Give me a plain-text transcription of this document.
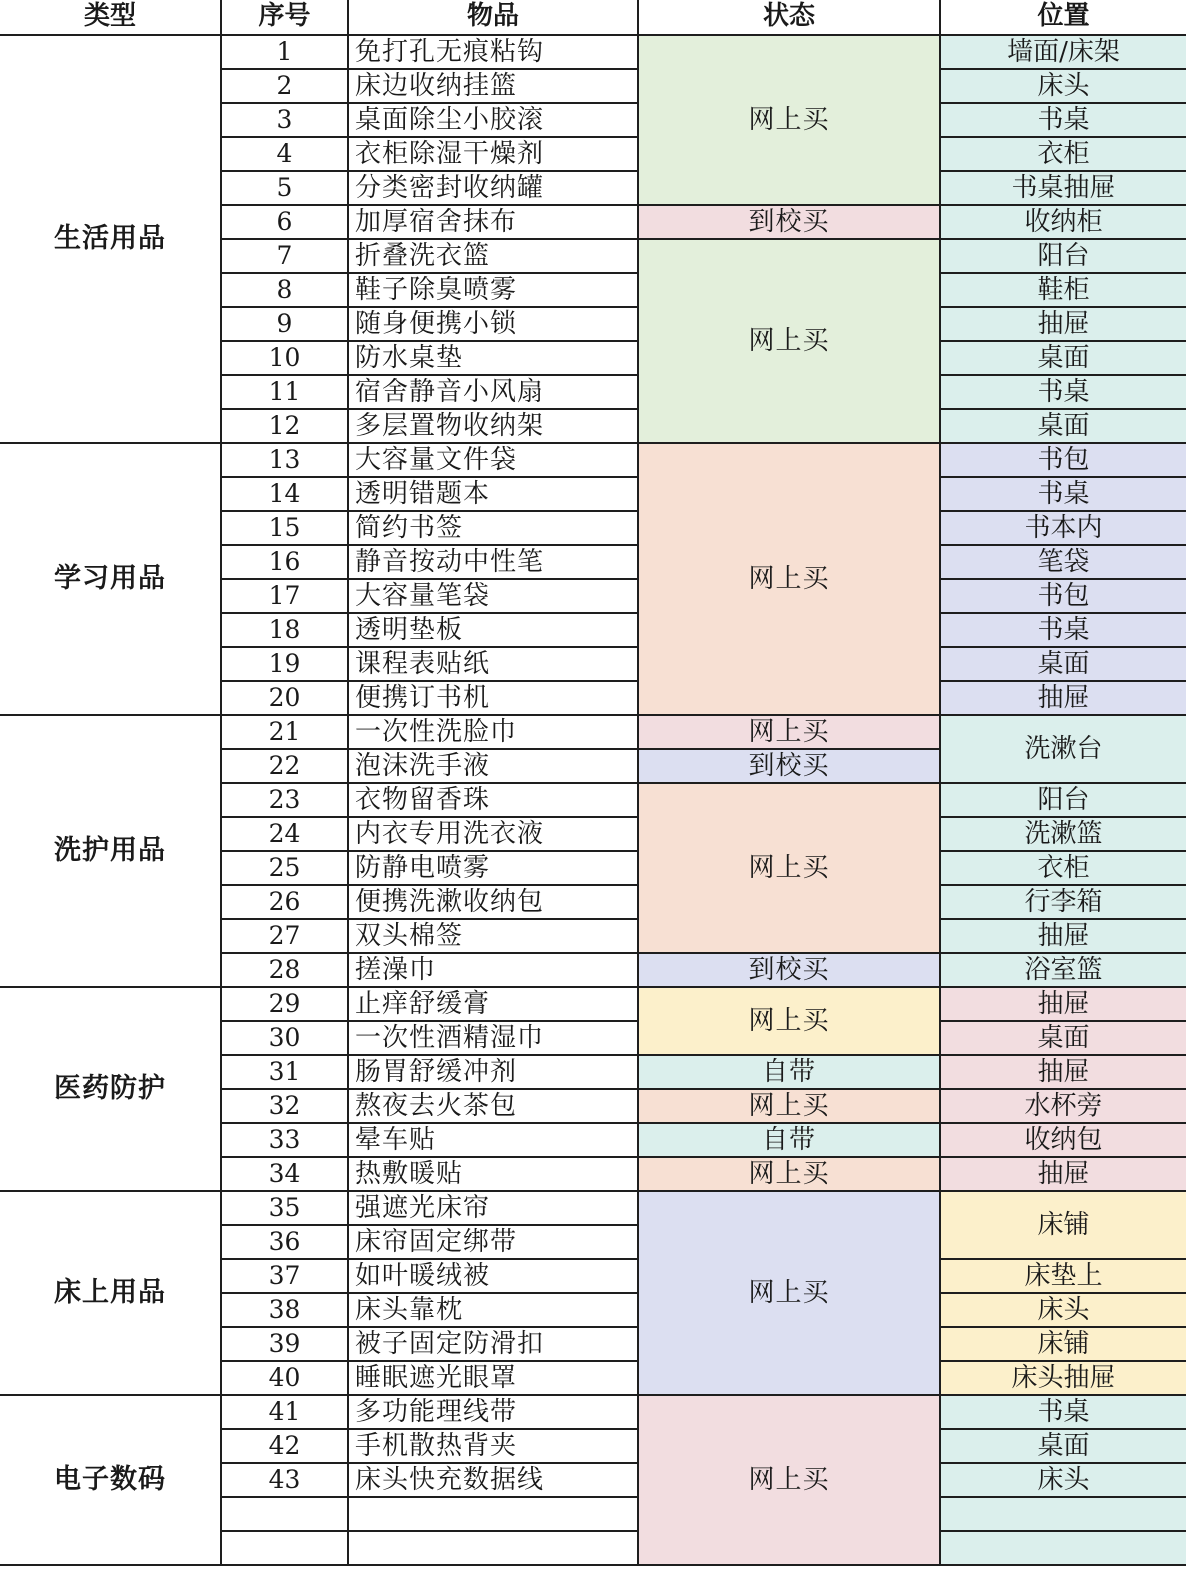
类型	序号	物品	状态	位置
生活用品	1	免打孔无痕粘钩	网上买	墙面/床架
	2	床边收纳挂篮		床头
	3	桌面除尘小胶滚		书桌
	4	衣柜除湿干燥剂		衣柜
	5	分类密封收纳罐		书桌抽屉
	6	加厚宿舍抹布	到校买	收纳柜
	7	折叠洗衣篮	网上买	阳台
	8	鞋子除臭喷雾		鞋柜
	9	随身便携小锁		抽屉
	10	防水桌垫		桌面
	11	宿舍静音小风扇		书桌
	12	多层置物收纳架		桌面
学习用品	13	大容量文件袋	网上买	书包
	14	透明错题本		书桌
	15	简约书签		书本内
	16	静音按动中性笔		笔袋
	17	大容量笔袋		书包
	18	透明垫板		书桌
	19	课程表贴纸		桌面
	20	便携订书机		抽屉
洗护用品	21	一次性洗脸巾	网上买	洗漱台
	22	泡沫洗手液	到校买	
	23	衣物留香珠	网上买	阳台
	24	内衣专用洗衣液		洗漱篮
	25	防静电喷雾		衣柜
	26	便携洗漱收纳包		行李箱
	27	双头棉签		抽屉
	28	搓澡巾	到校买	浴室篮
医药防护	29	止痒舒缓膏	网上买	抽屉
	30	一次性酒精湿巾		桌面
	31	肠胃舒缓冲剂	自带	抽屉
	32	熬夜去火茶包	网上买	水杯旁
	33	晕车贴	自带	收纳包
	34	热敷暖贴	网上买	抽屉
床上用品	35	强遮光床帘	网上买	床铺
	36	床帘固定绑带		
	37	如叶暖绒被		床垫上
	38	床头靠枕		床头
	39	被子固定防滑扣		床铺
	40	睡眠遮光眼罩		床头抽屉
电子数码	41	多功能理线带	网上买	书桌
	42	手机散热背夹		桌面
	43	床头快充数据线		床头
